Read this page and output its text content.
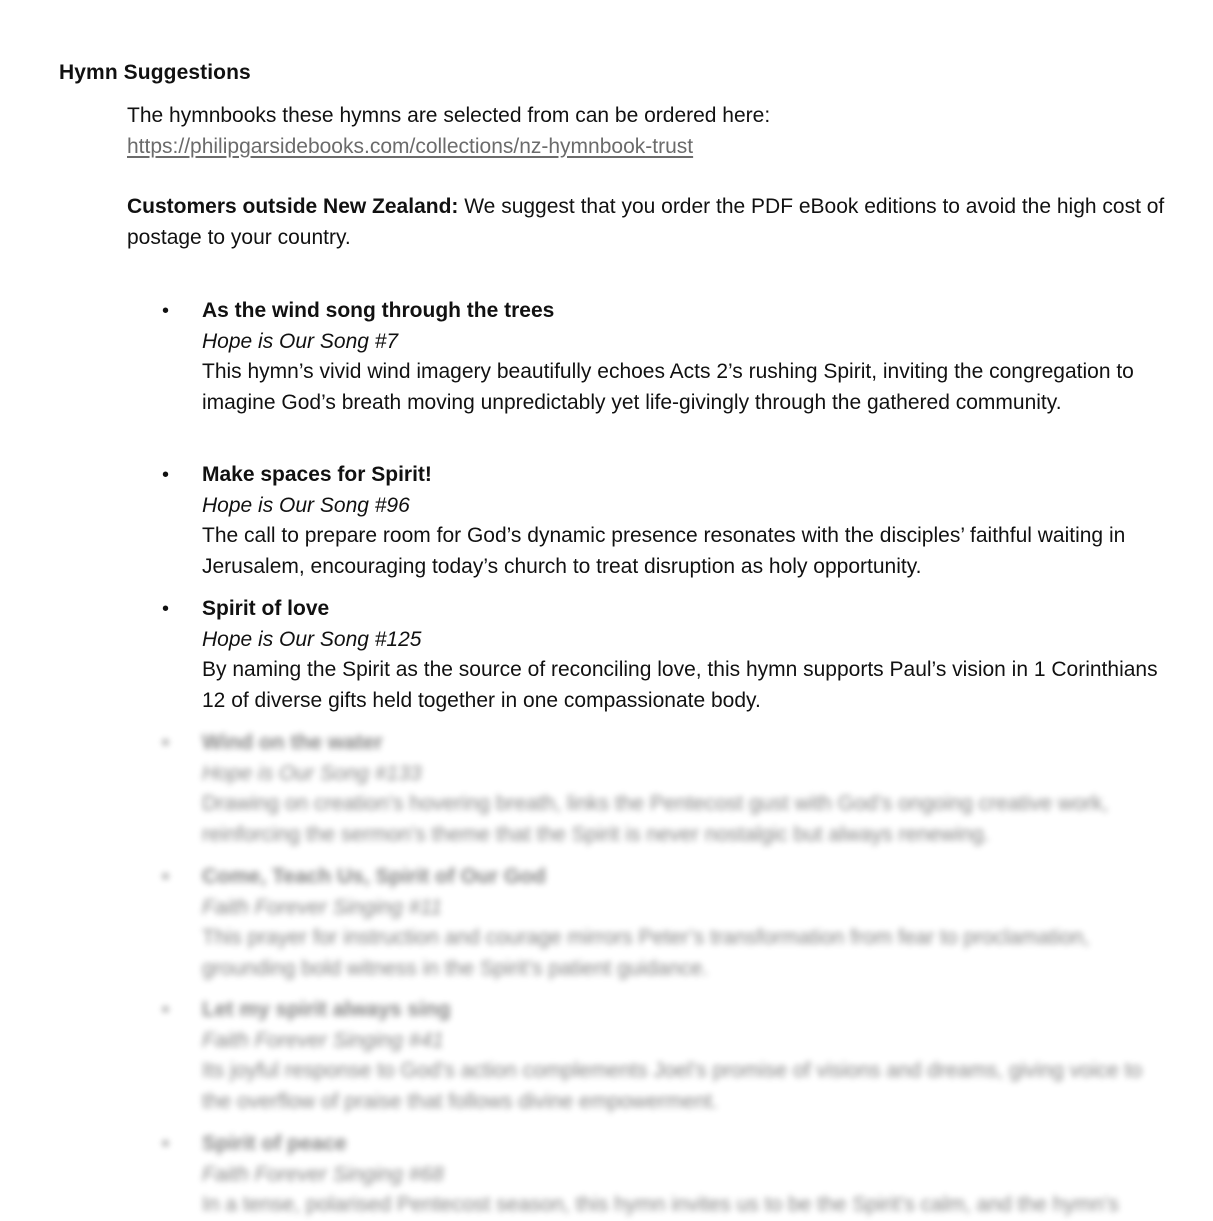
Hymn Suggestions
The hymnbooks these hymns are selected from can be ordered here:
https://philipgarsidebooks.com/collections/nz-hymnbook-trust
Customers outside New Zealand: We suggest that you order the PDF eBook editions to avoid the high cost of postage to your country.
• As the wind song through the trees
Hope is Our Song #7
This hymn’s vivid wind imagery beautifully echoes Acts 2’s rushing Spirit, inviting the congregation to imagine God’s breath moving unpredictably yet life-givingly through the gathered community.
• Make spaces for Spirit!
Hope is Our Song #96
The call to prepare room for God’s dynamic presence resonates with the disciples’ faithful waiting in Jerusalem, encouraging today’s church to treat disruption as holy opportunity.
• Spirit of love
Hope is Our Song #125
By naming the Spirit as the source of reconciling love, this hymn supports Paul’s vision in 1 Corinthians 12 of diverse gifts held together in one compassionate body.
• Wind on the water
Hope is Our Song #133
Drawing on creation’s hovering breath, links the Pentecost gust with God’s ongoing creative work, reinforcing the sermon’s theme that the Spirit is never nostalgic but always renewing.
• Come, Teach Us, Spirit of Our God
Faith Forever Singing #11
This prayer for instruction and courage mirrors Peter’s transformation from fear to proclamation, grounding bold witness in the Spirit’s patient guidance.
• Let my spirit always sing
Faith Forever Singing #41
Its joyful response to God’s action complements Joel’s promise of visions and dreams, giving voice to the overflow of praise that follows divine empowerment.
• Spirit of peace
Faith Forever Singing #68
In a tense, polarised Pentecost season, this hymn invites us to be the Spirit’s calm, and the hymn’s
